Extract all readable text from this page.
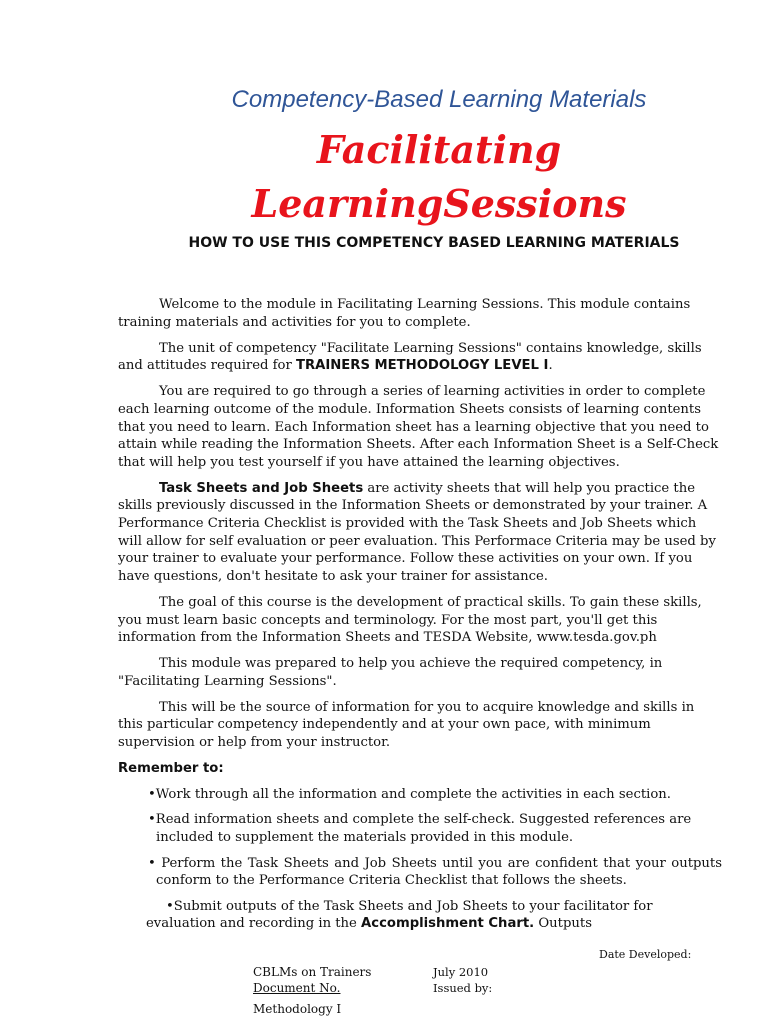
Competency-Based Learning Materials
Facilitating
LearningSessions
HOW TO USE THIS COMPETENCY BASED LEARNING MATERIALS

Welcome to the module in Facilitating Learning Sessions. This module contains training materials and activities for you to complete.

The unit of competency "Facilitate Learning Sessions" contains knowledge, skills and attitudes required for TRAINERS METHODOLOGY LEVEL I.

You are required to go through a series of learning activities in order to complete each learning outcome of the module. Information Sheets consists of learning contents that you need to learn. Each Information sheet has a learning objective that you need to attain while reading the Information Sheets. After each Information Sheet is a Self-Check that will help you test yourself if you have attained the learning objectives.

Task Sheets and Job Sheets are activity sheets that will help you practice the skills previously discussed in the Information Sheets or demonstrated by your trainer. A Performance Criteria Checklist is provided with the Task Sheets and Job Sheets which will allow for self evaluation or peer evaluation. This Performace Criteria may be used by your trainer to evaluate your performance. Follow these activities on your own. If you have questions, don't hesitate to ask your trainer for assistance.

The goal of this course is the development of practical skills. To gain these skills, you must learn basic concepts and terminology. For the most part, you'll get this information from the Information Sheets and TESDA Website, www.tesda.gov.ph

This module was prepared to help you achieve the required competency, in "Facilitating Learning Sessions".

This will be the source of information for you to acquire knowledge and skills in this particular competency independently and at your own pace, with minimum supervision or help from your instructor.

Remember to:
•Work through all the information and complete the activities in each section.
•Read information sheets and complete the self-check. Suggested references are included to supplement the materials provided in this module.
• Perform the Task Sheets and Job Sheets until you are confident that your outputs conform to the Performance Criteria Checklist that follows the sheets.
•Submit outputs of the Task Sheets and Job Sheets to your facilitator for evaluation and recording in the Accomplishment Chart. Outputs
Date Developed:
CBLMs on Trainers
Document No.
Methodology I
July 2010
Issued by:
